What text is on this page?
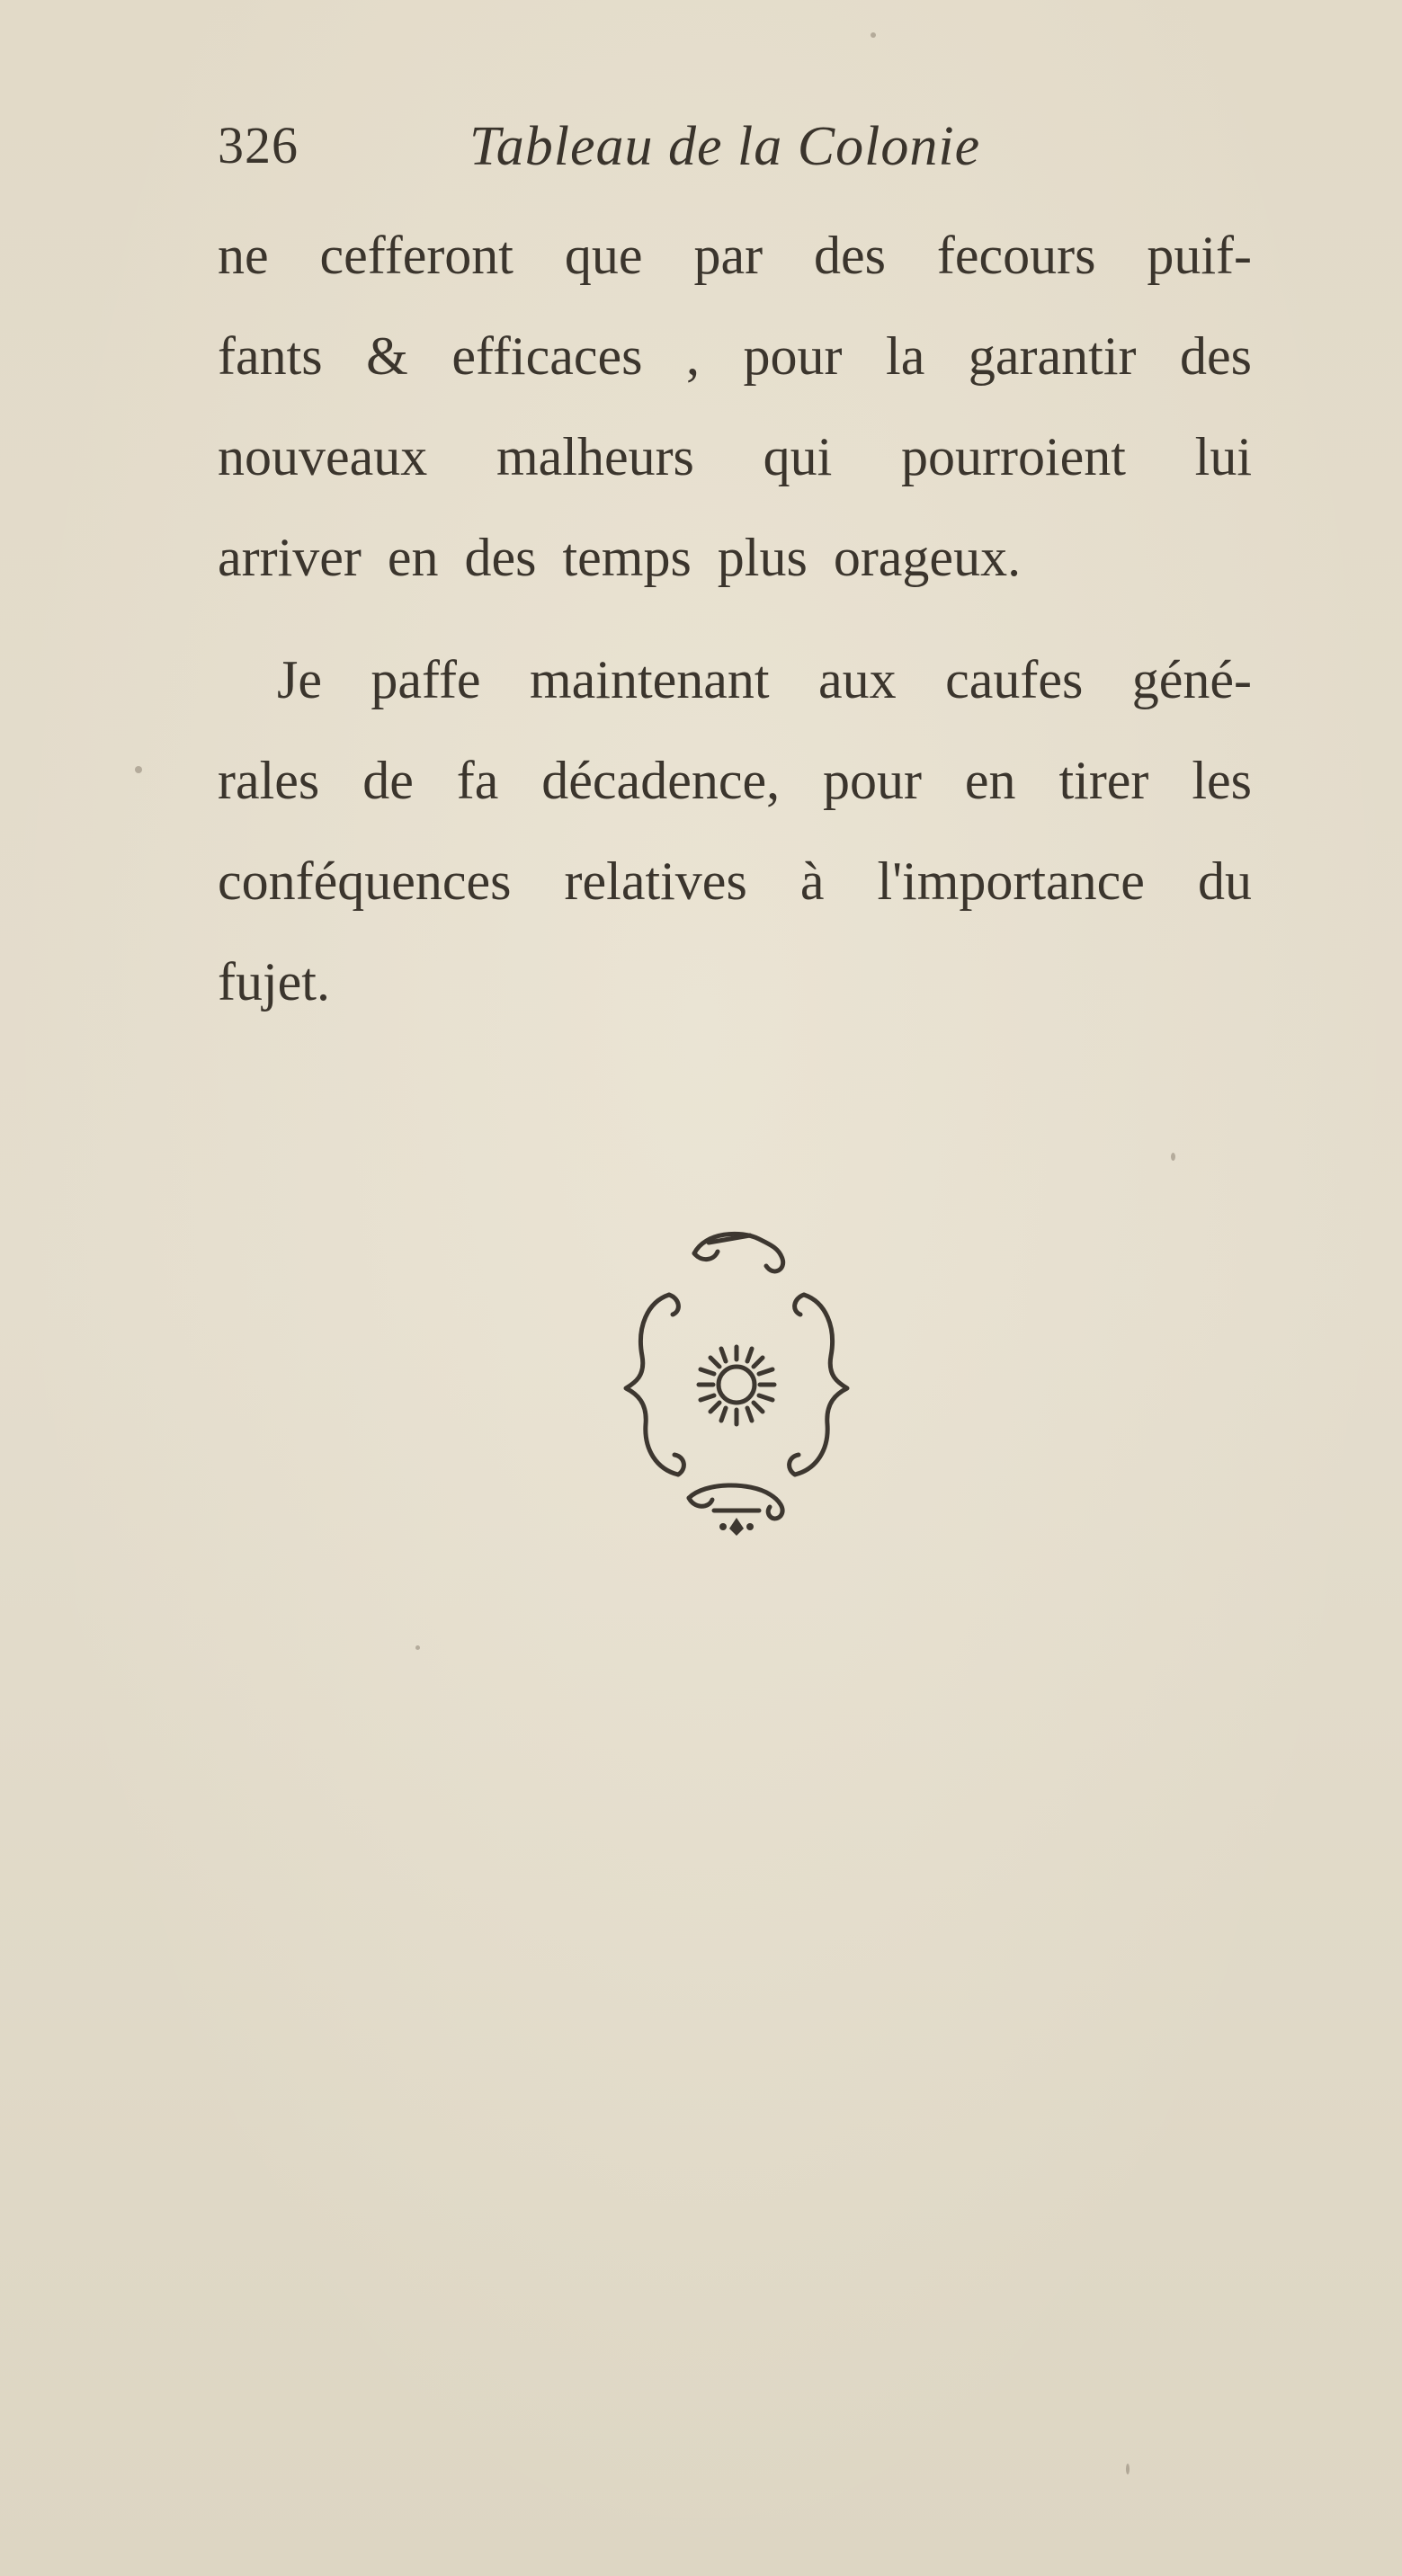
326	Tableau de la Colonie
ne cefferont que par des fecours puif-
fants & efficaces , pour la garantir des
nouveaux malheurs qui pourroient lui
arriver en des temps plus orageux.
Je paffe maintenant aux caufes géné-
rales de fa décadence, pour en tirer les
conféquences relatives à l'importance du
fujet.
